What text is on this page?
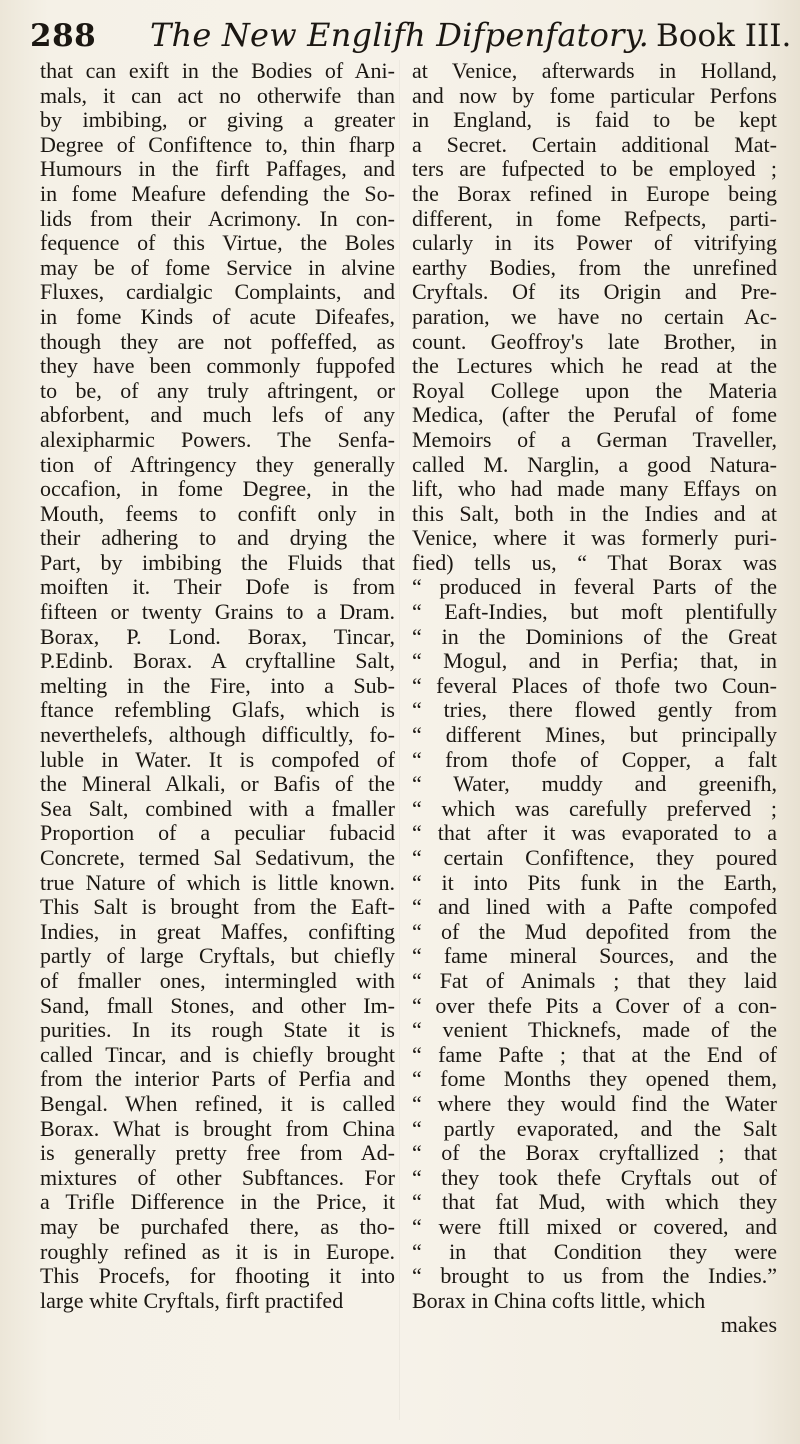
288 The New Englifh Difpenfatory. Book III.
that can exift in the Bodies of Ani-
mals, it can act no otherwife than
by imbibing, or giving a greater
Degree of Confiftence to, thin fharp
Humours in the firft Paffages, and
in fome Meafure defending the So-
lids from their Acrimony. In con-
fequence of this Virtue, the Boles
may be of fome Service in alvine
Fluxes, cardialgic Complaints, and
in fome Kinds of acute Difeafes,
though they are not poffeffed, as
they have been commonly fuppofed
to be, of any truly aftringent, or
abforbent, and much lefs of any
alexipharmic Powers. The Senfa-
tion of Aftringency they generally
occafion, in fome Degree, in the
Mouth, feems to confift only in
their adhering to and drying the
Part, by imbibing the Fluids that
moiften it. Their Dofe is from
fifteen or twenty Grains to a Dram.
Borax, P. Lond. Borax, Tincar,
P.Edinb. Borax. A cryftalline Salt,
melting in the Fire, into a Sub-
ftance refembling Glafs, which is
neverthelefs, although difficultly, fo-
luble in Water. It is compofed of
the Mineral Alkali, or Bafis of the
Sea Salt, combined with a fmaller
Proportion of a peculiar fubacid
Concrete, termed Sal Sedativum, the
true Nature of which is little known.
This Salt is brought from the Eaft-
Indies, in great Maffes, confifting
partly of large Cryftals, but chiefly
of fmaller ones, intermingled with
Sand, fmall Stones, and other Im-
purities. In its rough State it is
called Tincar, and is chiefly brought
from the interior Parts of Perfia and
Bengal. When refined, it is called
Borax. What is brought from China
is generally pretty free from Ad-
mixtures of other Subftances. For
a Trifle Difference in the Price, it
may be purchafed there, as tho-
roughly refined as it is in Europe.
This Procefs, for fhooting it into
large white Cryftals, firft practifed
at Venice, afterwards in Holland,
and now by fome particular Perfons
in England, is faid to be kept
a Secret. Certain additional Mat-
ters are fufpected to be employed ;
the Borax refined in Europe being
different, in fome Refpects, parti-
cularly in its Power of vitrifying
earthy Bodies, from the unrefined
Cryftals. Of its Origin and Pre-
paration, we have no certain Ac-
count. Geoffroy's late Brother, in
the Lectures which he read at the
Royal College upon the Materia
Medica, (after the Perufal of fome
Memoirs of a German Traveller,
called M. Narglin, a good Natura-
lift, who had made many Effays on
this Salt, both in the Indies and at
Venice, where it was formerly puri-
fied) tells us, “ That Borax was
“ produced in feveral Parts of the
“ Eaft-Indies, but moft plentifully
“ in the Dominions of the Great
“ Mogul, and in Perfia; that, in
“ feveral Places of thofe two Coun-
“ tries, there flowed gently from
“ different Mines, but principally
“ from thofe of Copper, a falt
“ Water, muddy and greenifh,
“ which was carefully preferved ;
“ that after it was evaporated to a
“ certain Confiftence, they poured
“ it into Pits funk in the Earth,
“ and lined with a Pafte compofed
“ of the Mud depofited from the
“ fame mineral Sources, and the
“ Fat of Animals ; that they laid
“ over thefe Pits a Cover of a con-
“ venient Thicknefs, made of the
“ fame Pafte ; that at the End of
“ fome Months they opened them,
“ where they would find the Water
“ partly evaporated, and the Salt
“ of the Borax cryftallized ; that
“ they took thefe Cryftals out of
“ that fat Mud, with which they
“ were ftill mixed or covered, and
“ in that Condition they were
“ brought to us from the Indies.”
Borax in China cofts little, which
makes
